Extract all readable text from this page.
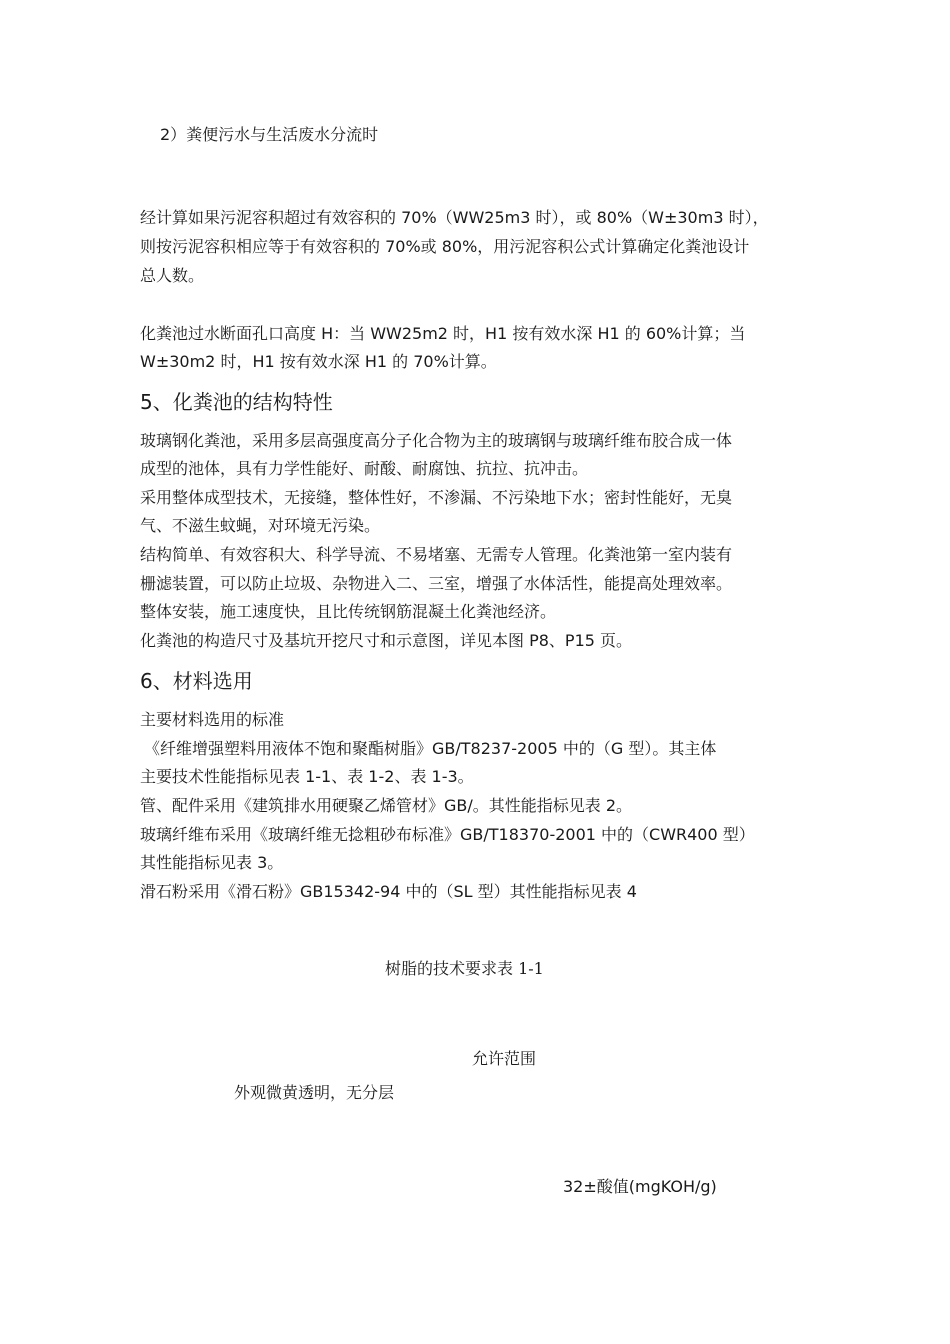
2）粪便污水与生活废水分流时
经计算如果污泥容积超过有效容积的 70%（WW25m3 时），或 80%（W±30m3 时），
则按污泥容积相应等于有效容积的 70%或 80%，用污泥容积公式计算确定化粪池设计
总人数。
化粪池过水断面孔口高度 H：当 WW25m2 时，H1 按有效水深 H1 的 60%计算；当
W±30m2 时，H1 按有效水深 H1 的 70%计算。
5、化粪池的结构特性
玻璃钢化粪池，采用多层高强度高分子化合物为主的玻璃钢与玻璃纤维布胶合成一体
成型的池体，具有力学性能好、耐酸、耐腐蚀、抗拉、抗冲击。
采用整体成型技术，无接缝，整体性好，不渗漏、不污染地下水；密封性能好，无臭
气、不滋生蚊蝇，对环境无污染。
结构简单、有效容积大、科学导流、不易堵塞、无需专人管理。化粪池第一室内装有
栅滤装置，可以防止垃圾、杂物进入二、三室，增强了水体活性，能提高处理效率。
整体安装，施工速度快，且比传统钢筋混凝土化粪池经济。
化粪池的构造尺寸及基坑开挖尺寸和示意图，详见本图 P8、P15 页。
6、材料选用
主要材料选用的标准
《纤维增强塑料用液体不饱和聚酯树脂》GB/T8237-2005 中的（G 型）。其主体
主要技术性能指标见表 1-1、表 1-2、表 1-3。
管、配件采用《建筑排水用硬聚乙烯管材》GB/。其性能指标见表 2。
玻璃纤维布采用《玻璃纤维无捻粗砂布标准》GB/T18370-2001 中的（CWR400 型）
其性能指标见表 3。
滑石粉采用《滑石粉》GB15342-94 中的（SL 型）其性能指标见表 4
树脂的技术要求表 1-1
允许范围
外观微黄透明，无分层
32±酸值(mgKOH/g)
